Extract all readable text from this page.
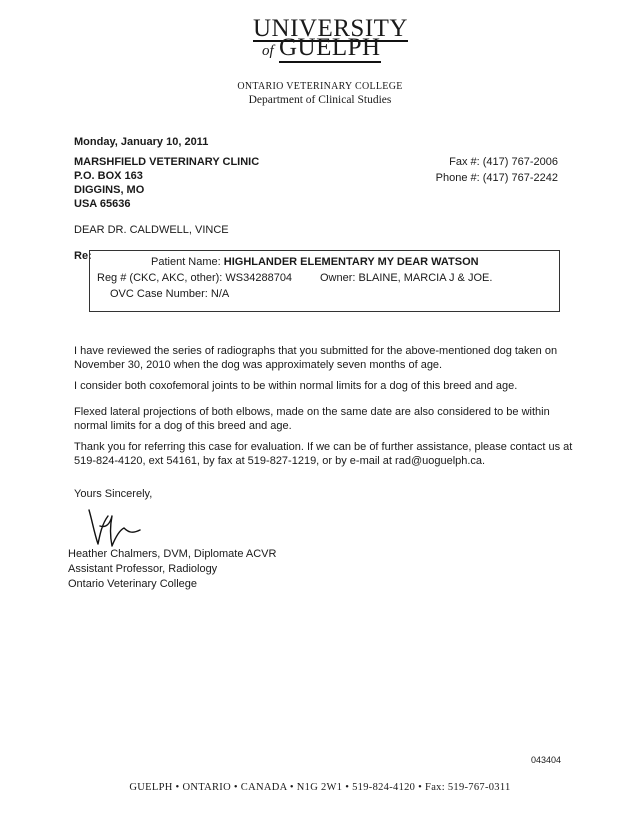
UNIVERSITY
of GUELPH
ONTARIO VETERINARY COLLEGE
Department of Clinical Studies
Monday, January 10, 2011
MARSHFIELD VETERINARY CLINIC
P.O. BOX 163
DIGGINS, MO
USA 65636
Fax #: (417) 767-2006
Phone #: (417) 767-2242
DEAR DR. CALDWELL, VINCE
Re:	Patient Name: HIGHLANDER ELEMENTARY MY DEAR WATSON
Reg # (CKC, AKC, other): WS34288704	Owner: BLAINE, MARCIA J & JOE.
OVC Case Number: N/A
I have reviewed the series of radiographs that you submitted for the above-mentioned dog taken on November 30, 2010 when the dog was approximately seven months of age.
I consider both coxofemoral joints to be within normal limits for a dog of this breed and age.
Flexed lateral projections of both elbows, made on the same date are also considered to be within normal limits for a dog of this breed and age.
Thank you for referring this case for evaluation. If we can be of further assistance, please contact us at 519-824-4120, ext 54161, by fax at 519-827-1219, or by e-mail at rad@uoguelph.ca.
Yours Sincerely,
Heather Chalmers, DVM, Diplomate ACVR
Assistant Professor, Radiology
Ontario Veterinary College
043404
GUELPH • ONTARIO • CANADA • N1G 2W1 • 519-824-4120 • Fax: 519-767-0311
